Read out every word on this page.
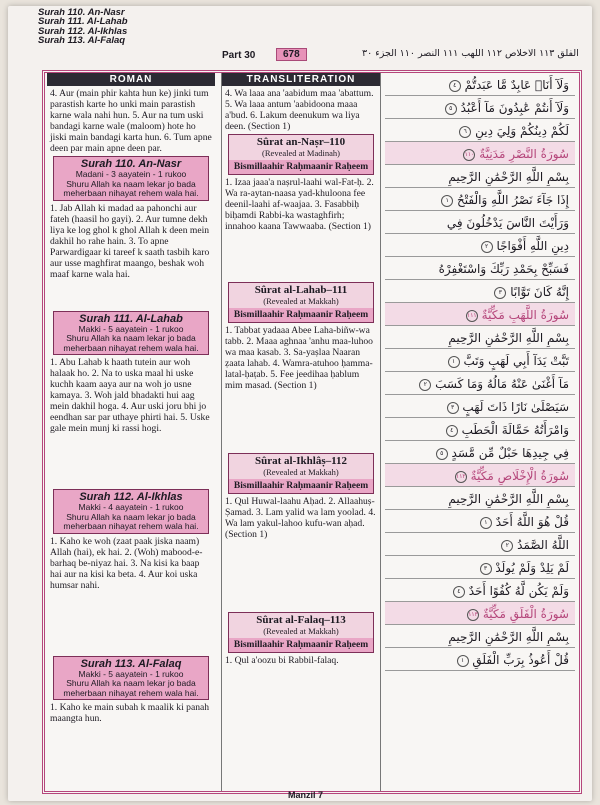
Surah 110. An-Nasr
Surah 111. Al-Lahab
Surah 112. Al-Ikhlas
Surah 113. Al-Falaq
Part 30	678	الفلق ۱۱۳ الاخلاص ۱۱۲ اللهب ۱۱۱ النصر ۱۱۰ الجزء ۳۰
ROMAN
4. Aur (main phir kahta hun ke) jinki tum parastish karte ho unki main parastish karne wala nahi hun. 5. Aur na tum uski bandagi karne wale (maloom) hote ho jiski main bandagi karta hun. 6. Tum apne deen par main apne deen par.
Surah 110. An-Nasr
Madani - 3 aayatein - 1 rukoo
Shuru Allah ka naam lekar jo bada meherbaan nihayat rehem wala hai.
1. Jab Allah ki madad aa pahonchi aur fateh (haasil ho gayi). 2. Aur tumne dekh liya ke log ghol k ghol Allah k deen mein dakhil ho rahe hain. 3. To apne Parwardigaar ki tareef k saath tasbih karo aur usse maghfirat maango, beshak woh maaf karne wala hai.
Surah 111. Al-Lahab
Makki - 5 aayatein - 1 rukoo
Shuru Allah ka naam lekar jo bada meherbaan nihayat rehem wala hai.
1. Abu Lahab k haath tutein aur woh halaak ho. 2. Na to uska maal hi uske kuchh kaam aaya aur na woh jo usne kamaya. 3. Woh jald bhadakti hui aag mein dakhil hoga. 4. Aur uski joru bhi jo eendhan sar par uthaye phirti hai. 5. Uske gale mein munj ki rassi hogi.
Surah 112. Al-Ikhlas
Makki - 4 aayatein - 1 rukoo
Shuru Allah ka naam lekar jo bada meherbaan nihayat rehem wala hai.
1. Kaho ke woh (zaat paak jiska naam) Allah (hai), ek hai. 2. (Woh) mabood-e-barhaq be-niyaz hai. 3. Na kisi ka baap hai aur na kisi ka beta. 4. Aur koi uska humsar nahi.
Surah 113. Al-Falaq
Makki - 5 aayatein - 1 rukoo
Shuru Allah ka naam lekar jo bada meherbaan nihayat rehem wala hai.
1. Kaho ke main subah k maalik ki panah maangta hun.
TRANSLITERATION
4. Wa laaa ana 'aabidum maa 'abattum. 5. Wa laaa antum 'aabidoona maaa a'bud. 6. Lakum deenukum wa liya deen. (Section 1)
Sûrat an-Naṣr–110
(Revealed at Madinah)
Bismillaahir Raḥmaanir Raḥeem
1. Izaa jaaa'a naṣrul-laahi wal-Fat-ḥ. 2. Wa ra-aytan-naasa yad-khuloona fee deenil-laahi af-waajaa. 3. Fasabbiḥ biḥamdi Rabbi-ka wastaghfirh; innahoo kaana Tawwaaba. (Section 1)
Sûrat al-Lahab–111
(Revealed at Makkah)
Bismillaahir Raḥmaanir Raḥeem
1. Tabbat yadaaa Abee Laha-biñw-wa tabb. 2. Maaa aghnaa 'anhu maa-luhoo wa maa kasab. 3. Sa-yaṣlaa Naaran ẓaata lahab. 4. Wamra-atuhoo ḥamma-latal-ḥaṭab. 5. Fee jeedihaa ḥablum mim masad. (Section 1)
Sûrat al-Ikhlâṣ–112
(Revealed at Makkah)
Bismillaahir Raḥmaanir Raḥeem
1. Qul Huwal-laahu Aḥad. 2. Allaahuṣ-Ṣamad. 3. Lam yalid wa lam yoolad. 4. Wa lam yakul-lahoo kufu-wan aḥad. (Section 1)
Sûrat al-Falaq–113
(Revealed at Makkah)
Bismillaahir Raḥmaanir Raḥeem
1. Qul a'oozu bi Rabbil-falaq.
وَلَآ أَنَا۠ عَابِدٌ مَّا عَبَدتُّمْ ٤
وَلَآ أَنتُمْ عَٰبِدُونَ مَآ أَعْبُدُ ٥
لَكُمْ دِينُكُمْ وَلِيَ دِينِ ٦
سُورَةُ النَّصْرِ مَدَنِيَّةٌ ١١٠
بِسْمِ اللَّهِ الرَّحْمَٰنِ الرَّحِيمِ
إِذَا جَآءَ نَصْرُ اللَّهِ وَالْفَتْحُ ١
وَرَأَيْتَ النَّاسَ يَدْخُلُونَ فِي
دِينِ اللَّهِ أَفْوَاجًا ٢
فَسَبِّحْ بِحَمْدِ رَبِّكَ وَاسْتَغْفِرْهُ
إِنَّهُ كَانَ تَوَّابًا ٣
سُورَةُ اللَّهَبِ مَكِّيَّةٌ ١١١
بِسْمِ اللَّهِ الرَّحْمَٰنِ الرَّحِيمِ
تَبَّتْ يَدَآ أَبِي لَهَبٍ وَتَبَّ ١
مَآ أَغْنَىٰ عَنْهُ مَالُهُ وَمَا كَسَبَ ٢
سَيَصْلَىٰ نَارًا ذَاتَ لَهَبٍ ٣
وَامْرَأَتُهُ حَمَّالَةَ الْحَطَبِ ٤
فِي جِيدِهَا حَبْلٌ مِّن مَّسَدٍ ٥
سُورَةُ الْإِخْلَاصِ مَكِّيَّةٌ ١١٢
بِسْمِ اللَّهِ الرَّحْمَٰنِ الرَّحِيمِ
قُلْ هُوَ اللَّهُ أَحَدٌ ١
اللَّهُ الصَّمَدُ ٢
لَمْ يَلِدْ وَلَمْ يُولَدْ ٣
وَلَمْ يَكُن لَّهُ كُفُوًا أَحَدٌ ٤
سُورَةُ الْفَلَقِ مَكِّيَّةٌ ١١٣
بِسْمِ اللَّهِ الرَّحْمَٰنِ الرَّحِيمِ
قُلْ أَعُوذُ بِرَبِّ الْفَلَقِ ١
Manzil 7
